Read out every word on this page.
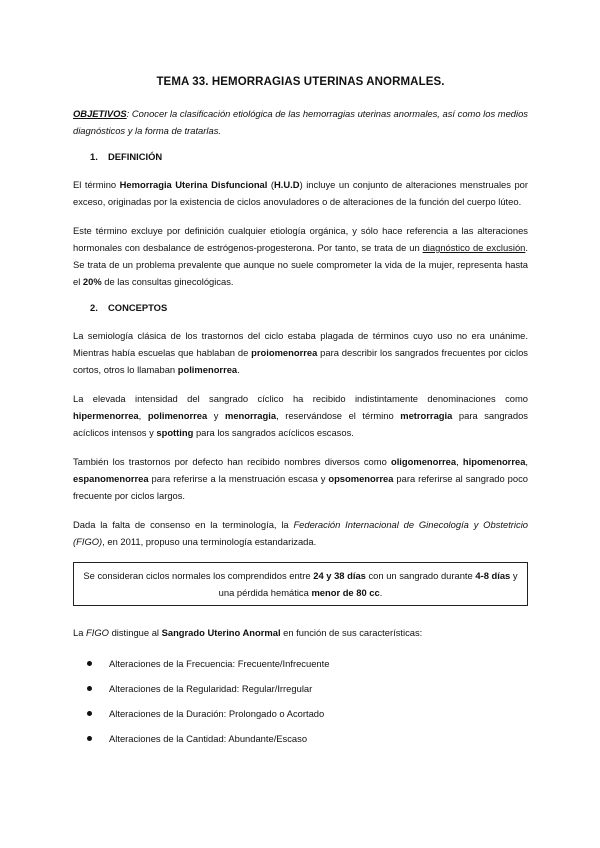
TEMA 33. HEMORRAGIAS UTERINAS ANORMALES.

OBJETIVOS: Conocer la clasificación etiológica de las hemorragias uterinas anormales, así como los medios diagnósticos y la forma de tratarlas.

1. DEFINICIÓN

El término Hemorragia Uterina Disfuncional (H.U.D) incluye un conjunto de alteraciones menstruales por exceso, originadas por la existencia de ciclos anovuladores o de alteraciones de la función del cuerpo lúteo.

Este término excluye por definición cualquier etiología orgánica, y sólo hace referencia a las alteraciones hormonales con desbalance de estrógenos-progesterona. Por tanto, se trata de un diagnóstico de exclusión. Se trata de un problema prevalente que aunque no suele comprometer la vida de la mujer, representa hasta el 20% de las consultas ginecológicas.

2. CONCEPTOS

La semiología clásica de los trastornos del ciclo estaba plagada de términos cuyo uso no era unánime. Mientras había escuelas que hablaban de proiomenorrea para describir los sangrados frecuentes por ciclos cortos, otros lo llamaban polimenorrea.

La elevada intensidad del sangrado cíclico ha recibido indistintamente denominaciones como hipermenorrea, polimenorrea y menorragia, reservándose el término metrorragia para sangrados acíclicos intensos y spotting para los sangrados acíclicos escasos.

También los trastornos por defecto han recibido nombres diversos como oligomenorrea, hipomenorrea, espanomenorrea para referirse a la menstruación escasa y opsomenorrea para referirse al sangrado poco frecuente por ciclos largos.

Dada la falta de consenso en la terminología, la Federación Internacional de Ginecología y Obstetricio (FIGO), en 2011, propuso una terminología estandarizada.

Se consideran ciclos normales los comprendidos entre 24 y 38 días con un sangrado durante 4-8 días y una pérdida hemática menor de 80 cc.

La FIGO distingue al Sangrado Uterino Anormal en función de sus características:

Alteraciones de la Frecuencia: Frecuente/Infrecuente
Alteraciones de la Regularidad: Regular/Irregular
Alteraciones de la Duración: Prolongado o Acortado
Alteraciones de la Cantidad: Abundante/Escaso
